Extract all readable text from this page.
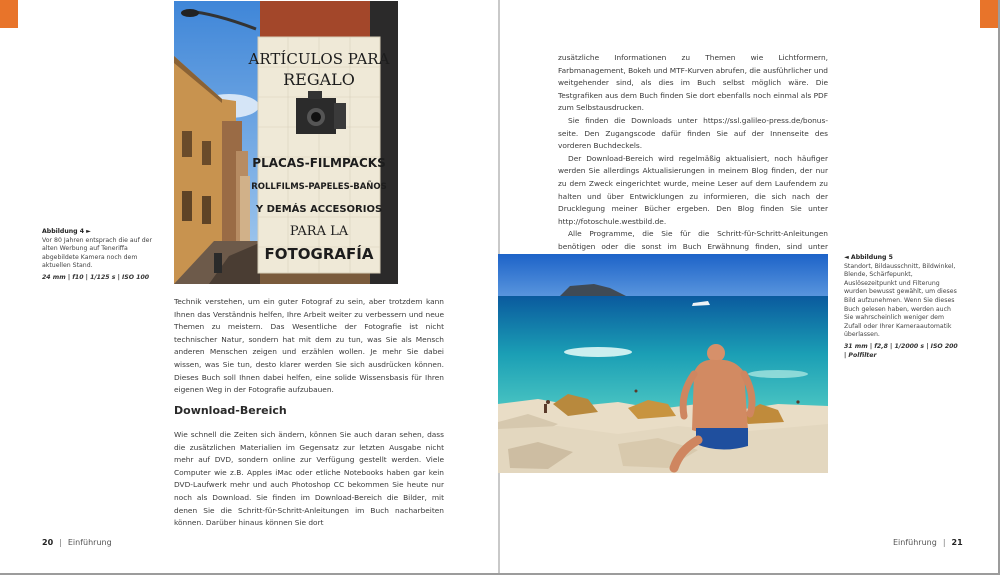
Abbildung 4 ►
Vor 80 Jahren entsprach die auf der alten Werbung auf Teneriffa abgebildete Kamera noch dem aktuellen Stand.
24 mm | f10 | 1/125 s | ISO 100
ARTÍCULOS PARA
REGALO
PLACAS-FILMPACKS
ROLLFILMS-PAPELES-BAÑOS
Y DEMÁS ACCESORIOS
PARA LA
FOTOGRAFÍA

Technik verstehen, um ein guter Fotograf zu sein, aber trotzdem kann Ihnen das Verständnis helfen, Ihre Arbeit weiter zu verbessern und neue Themen zu meistern. Das Wesentliche der Fotografie ist nicht technischer Natur, sondern hat mit dem zu tun, was Sie als Mensch anderen Menschen zeigen und erzählen wollen. Je mehr Sie dabei wissen, was Sie tun, desto klarer werden Sie sich ausdrücken können. Dieses Buch soll Ihnen dabei helfen, eine solide Wissensbasis für Ihren eigenen Weg in der Fotografie aufzubauen.

Download-Bereich

Wie schnell die Zeiten sich ändern, können Sie auch daran sehen, dass die zusätzlichen Materialien im Gegensatz zur letzten Ausgabe nicht mehr auf DVD, sondern online zur Verfügung gestellt werden. Viele Computer wie z.B. Apples iMac oder etliche Notebooks haben gar kein DVD-Laufwerk mehr und auch Photoshop CC bekommen Sie heute nur noch als Download. Sie finden im Download-Bereich die Bilder, mit denen Sie die Schritt-für-Schritt-Anleitungen im Buch nacharbeiten können. Darüber hinaus können Sie dort

20 | Einführung

zusätzliche Informationen zu Themen wie Lichtformern, Farbmanagement, Bokeh und MTF-Kurven abrufen, die ausführlicher und weitgehender sind, als dies im Buch selbst möglich wäre. Die Testgrafiken aus dem Buch finden Sie dort ebenfalls noch einmal als PDF zum Selbstausdrucken.

Sie finden die Downloads unter https://ssl.galileo-press.de/bonus-seite. Den Zugangscode dafür finden Sie auf der Innenseite des vorderen Buchdeckels.

Der Download-Bereich wird regelmäßig aktualisiert, noch häufiger werden Sie allerdings Aktualisierungen in meinem Blog finden, der nur zu dem Zweck eingerichtet wurde, meine Leser auf dem Laufendem zu halten und über Entwicklungen zu informieren, die sich nach der Drucklegung meiner Bücher ergeben. Den Blog finden Sie unter http://fotoschule.westbild.de.

Alle Programme, die Sie für die Schritt-für-Schritt-Anleitungen benötigen oder die sonst im Buch Erwähnung finden, sind unter

◄ Abbildung 5
Standort, Bildausschnitt, Bildwinkel, Blende, Schärfepunkt, Auslösezeitpunkt und Filterung wurden bewusst gewählt, um dieses Bild aufzunehmen. Wenn Sie dieses Buch gelesen haben, werden auch Sie wahrscheinlich weniger dem Zufall oder Ihrer Kameraautomatik überlassen.
31 mm | f2,8 | 1/2000 s | ISO 200 | Polfilter
Einführung | 21
